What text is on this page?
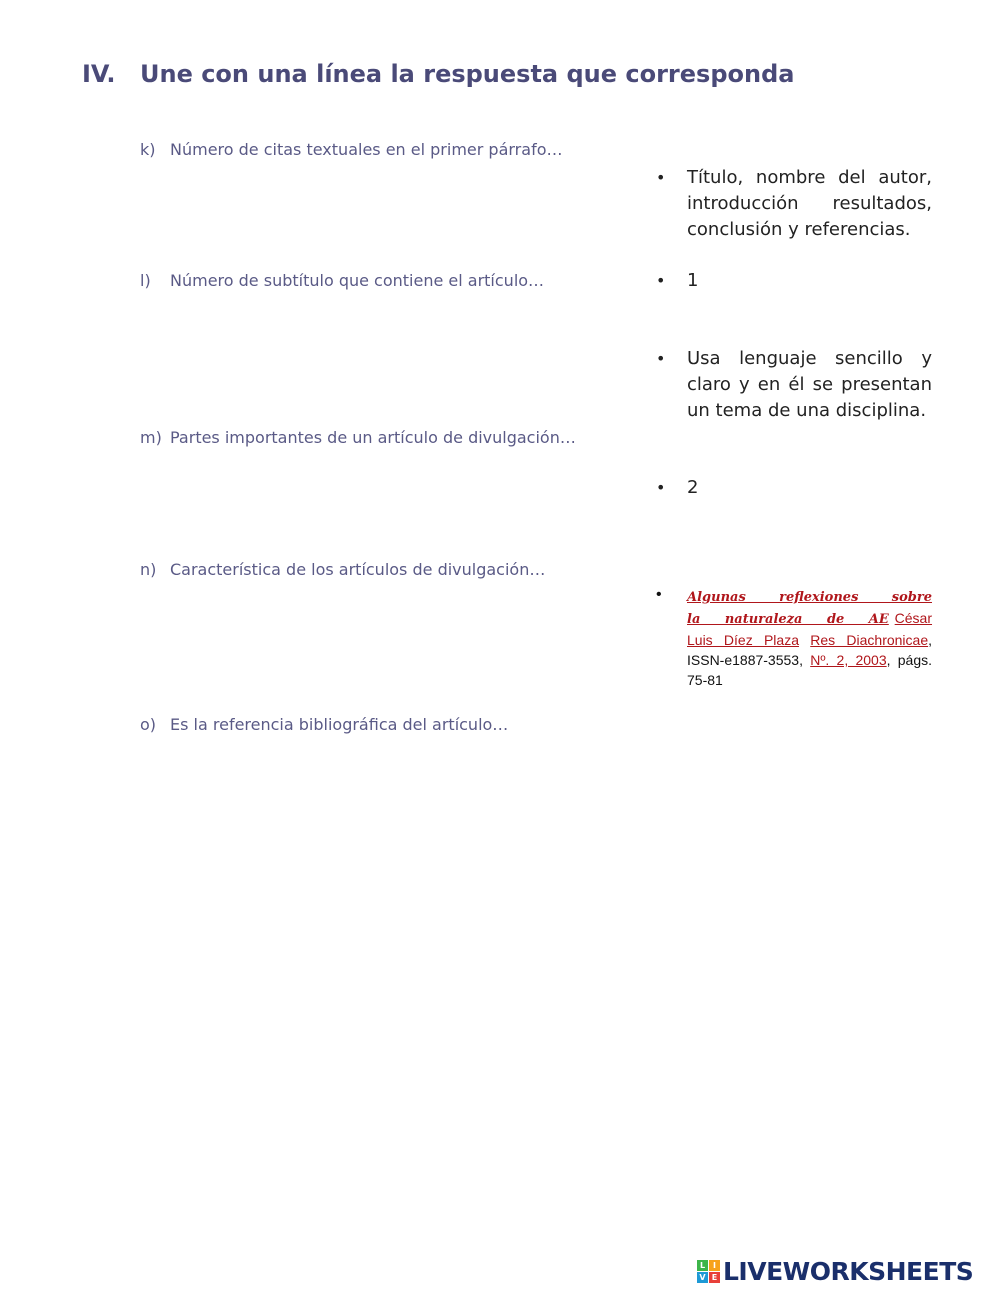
IV. Une con una línea la respuesta que corresponda
k) Número de citas textuales en el primer párrafo…
l) Número de subtítulo que contiene el artículo…
m) Partes importantes de un artículo de divulgación…
n) Característica de los artículos de divulgación…
o) Es la referencia bibliográfica del artículo…
• Título, nombre del autor, introducción resultados, conclusión y referencias.
• 1
• Usa lenguaje sencillo y claro y en él se presentan un tema de una disciplina.
• 2
• Algunas reflexiones sobre la naturaleza de AE César Luis Díez Plaza Res Diachronicae, ISSN-e1887-3553, Nº. 2, 2003, págs. 75-81
L I
V E LIVEWORKSHEETS
